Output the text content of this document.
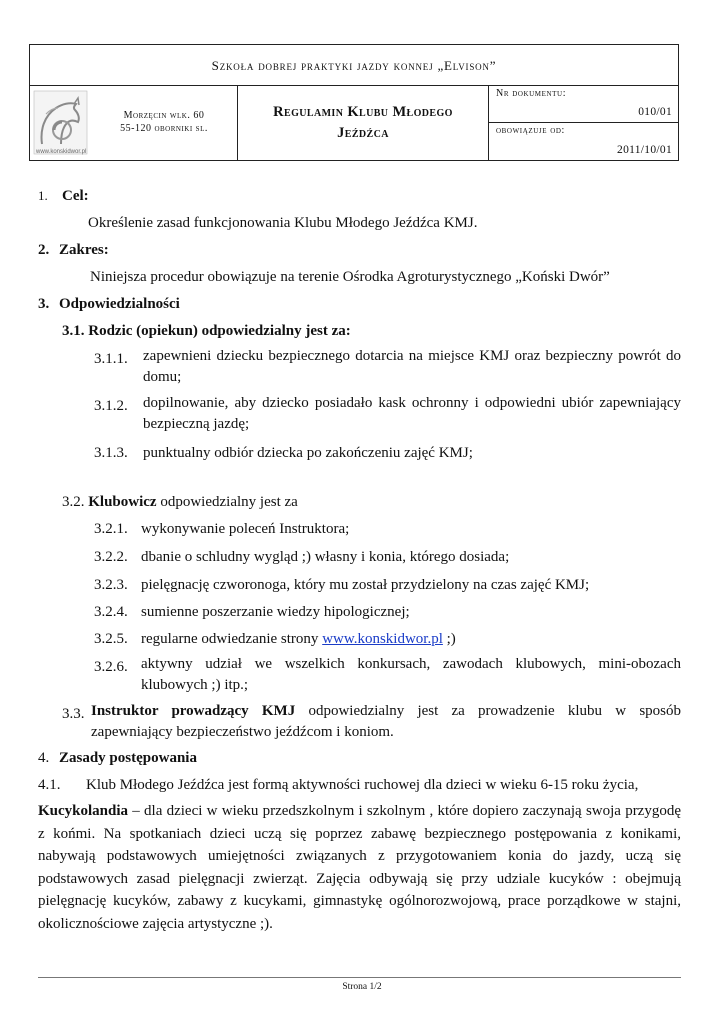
Szkoła dobrej praktyki jazdy konnej „Elvison”
www.konskidwor.pl
Morzęcin wlk. 60
55-120 oborniki sl.
Regulamin Klubu Młodego
Jeźdźca
Nr dokumentu:
010/01
obowiązuje od:
2011/10/01
1. Cel:
Określenie zasad funkcjonowania Klubu Młodego Jeźdźca KMJ.
2. Zakres:
Niniejsza procedur obowiązuje na terenie Ośrodka Agroturystycznego „Koński Dwór”
3. Odpowiedzialności
3.1. Rodzic (opiekun) odpowiedzialny jest za:
3.1.1. zapewnieni dziecku bezpiecznego dotarcia na miejsce KMJ oraz bezpieczny powrót do domu;
3.1.2. dopilnowanie, aby dziecko posiadało kask ochronny i odpowiedni ubiór zapewniający bezpieczną jazdę;
3.1.3. punktualny odbiór dziecka po zakończeniu zajęć KMJ;
3.2. Klubowicz odpowiedzialny jest za
3.2.1. wykonywanie poleceń Instruktora;
3.2.2. dbanie o schludny wygląd ;) własny i konia, którego dosiada;
3.2.3. pielęgnację czworonoga, który mu został przydzielony na czas zajęć KMJ;
3.2.4. sumienne poszerzanie wiedzy hipologicznej;
3.2.5. regularne odwiedzanie strony www.konskidwor.pl ;)
3.2.6. aktywny udział we wszelkich konkursach, zawodach klubowych, mini-obozach klubowych ;) itp.;
3.3. Instruktor prowadzący KMJ odpowiedzialny jest za prowadzenie klubu w sposób zapewniający bezpieczeństwo jeźdźcom i koniom.
4. Zasady postępowania
4.1. Klub Młodego Jeźdźca jest formą aktywności ruchowej dla dzieci w wieku 6-15 roku życia,
Kucykolandia – dla dzieci w wieku przedszkolnym i szkolnym , które dopiero zaczynają swoja przygodę z końmi. Na spotkaniach dzieci uczą się poprzez zabawę bezpiecznego postępowania z konikami, nabywają podstawowych umiejętności związanych z przygotowaniem konia do jazdy, uczą się podstawowych zasad pielęgnacji zwierząt. Zajęcia odbywają się przy udziale kucyków : obejmują pielęgnację kucyków, zabawy z kucykami, gimnastykę ogólnorozwojową, prace porządkowe w stajni, okolicznościowe zajęcia artystyczne ;).
Strona 1/2
